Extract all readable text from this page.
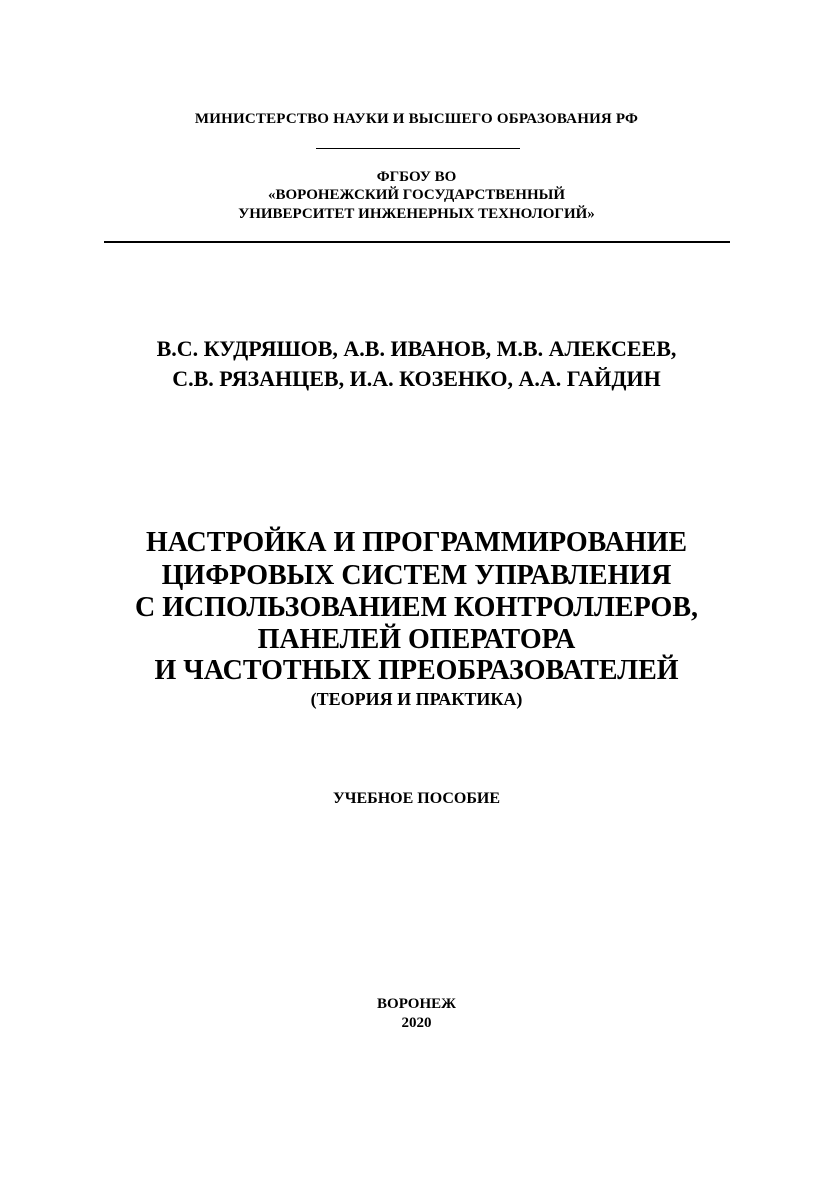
МИНИСТЕРСТВО НАУКИ И ВЫСШЕГО ОБРАЗОВАНИЯ РФ
ФГБОУ ВО
«ВОРОНЕЖСКИЙ ГОСУДАРСТВЕННЫЙ
УНИВЕРСИТЕТ ИНЖЕНЕРНЫХ ТЕХНОЛОГИЙ»
В.С. КУДРЯШОВ, А.В. ИВАНОВ, М.В. АЛЕКСЕЕВ,
С.В. РЯЗАНЦЕВ, И.А. КОЗЕНКО, А.А. ГАЙДИН
НАСТРОЙКА И ПРОГРАММИРОВАНИЕ
ЦИФРОВЫХ СИСТЕМ УПРАВЛЕНИЯ
С ИСПОЛЬЗОВАНИЕМ КОНТРОЛЛЕРОВ,
ПАНЕЛЕЙ ОПЕРАТОРА
И ЧАСТОТНЫХ ПРЕОБРАЗОВАТЕЛЕЙ
(ТЕОРИЯ И ПРАКТИКА)
УЧЕБНОЕ ПОСОБИЕ
ВОРОНЕЖ
2020
